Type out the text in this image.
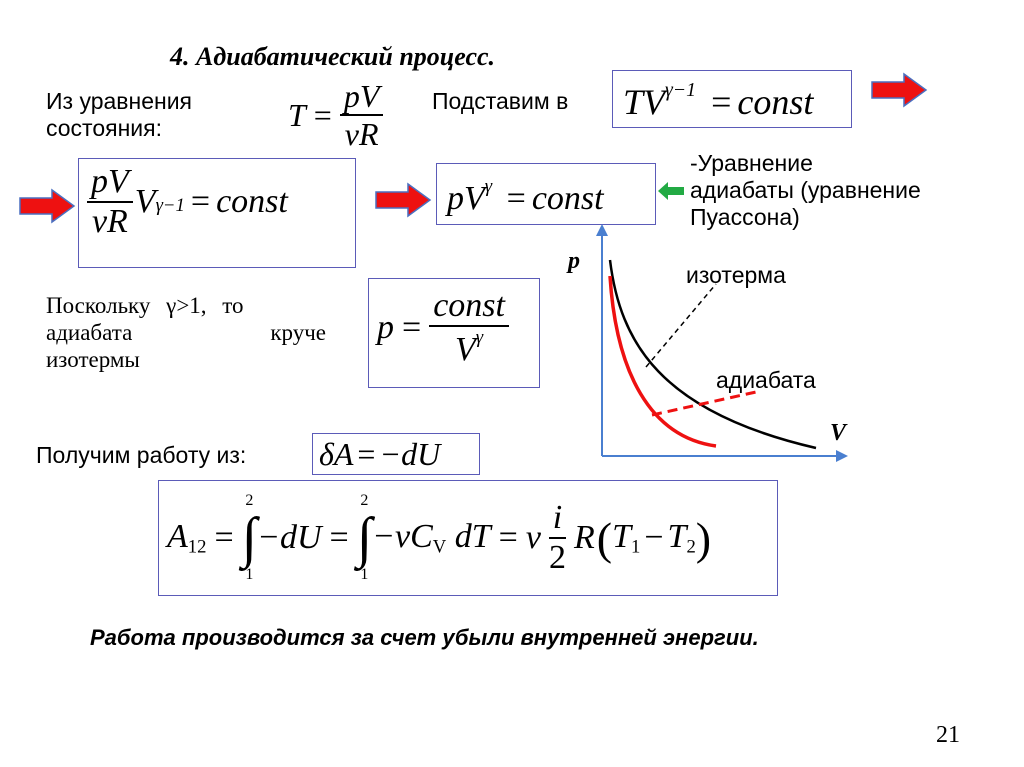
4. Адиабатический процесс.
Из уравнения
состояния:	$T = \frac{pV}{\nu R}$ Подставим в $TV^{\gamma-1}$ = const
$\frac{pV}{\nu R}$ V γ−1 = const	$pV^\gamma$ = const
-Уравнение
адиабаты (уравнение
Пуассона)
Поскольку γ>1, то
адиабата	круче
изотермы
$p = \frac{\text{const}}{V^\gamma}$
p
V
изотерма
адиабата
Получим работу из: δA = −dU
$A_{12}$ =
2
∫
1
−dU =
2
∫
1
$-\nu C_V$ dT = ν $\frac{i}{2}$ R ( $T_1 - T_2$ )
Работа производится за счет убыли внутренней энергии.
21
